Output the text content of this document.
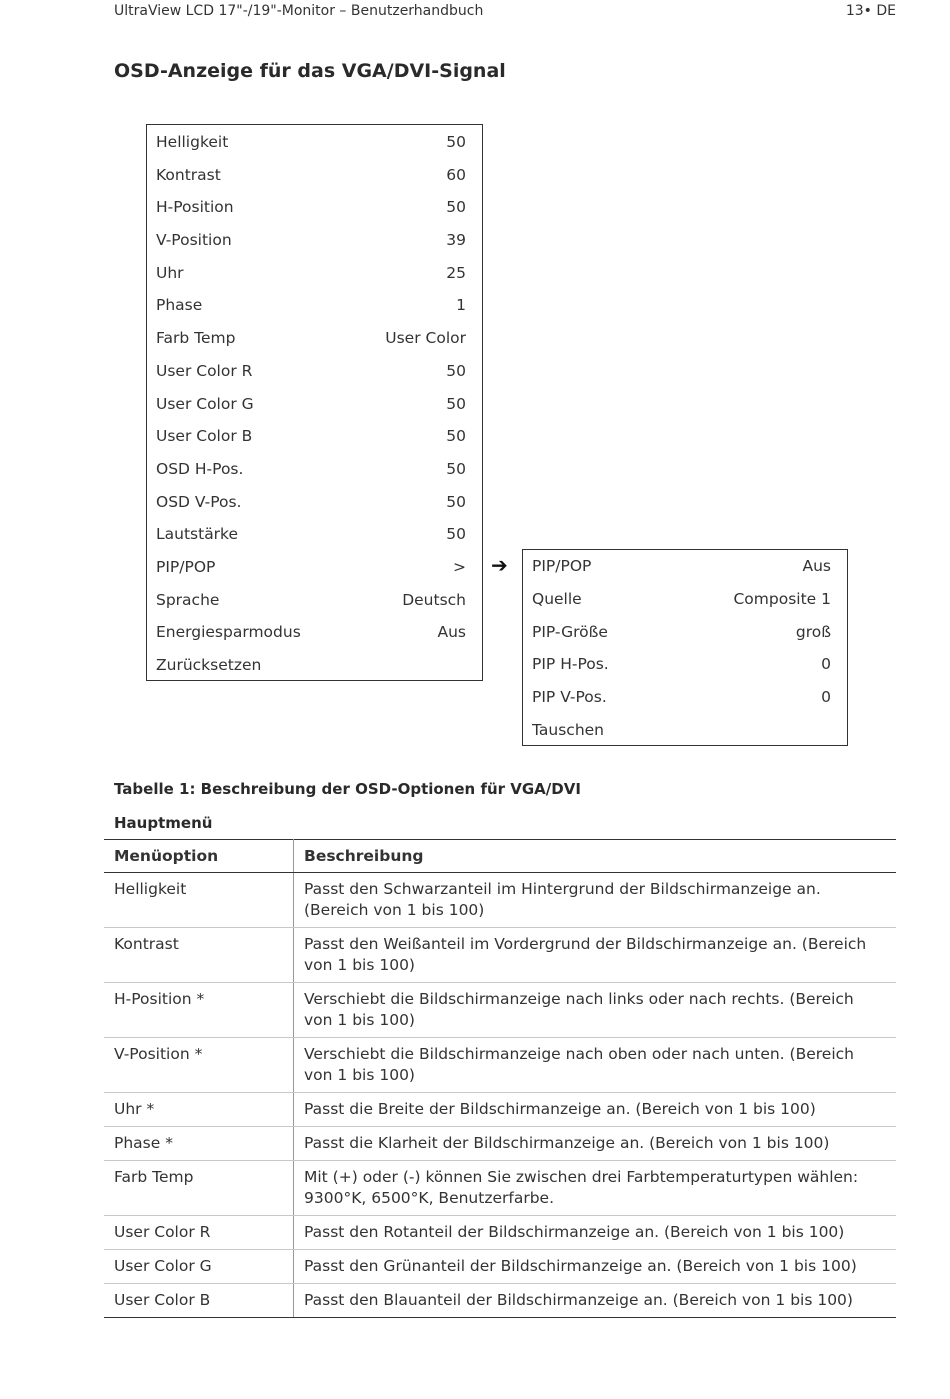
UltraView LCD 17"-/19"-Monitor – Benutzerhandbuch	13• DE
OSD-Anzeige für das VGA/DVI-Signal
Helligkeit	50
Kontrast	60
H-Position	50
V-Position	39
Uhr	25
Phase	1
Farb Temp	User Color
User Color R	50
User Color G	50
User Color B	50
OSD H-Pos.	50
OSD V-Pos.	50
Lautstärke	50
PIP/POP	>
Sprache	Deutsch
Energiesparmodus	Aus
Zurücksetzen
➔ PIP/POP	Aus
Quelle	Composite 1
PIP-Größe	groß
PIP H-Pos.	0
PIP V-Pos.	0
Tauschen
Tabelle 1: Beschreibung der OSD-Optionen für VGA/DVI
Hauptmenü
Menüoption	Beschreibung
Helligkeit	Passt den Schwarzanteil im Hintergrund der Bildschirmanzeige an. (Bereich von 1 bis 100)
Kontrast	Passt den Weißanteil im Vordergrund der Bildschirmanzeige an. (Bereich von 1 bis 100)
H-Position *	Verschiebt die Bildschirmanzeige nach links oder nach rechts. (Bereich von 1 bis 100)
V-Position *	Verschiebt die Bildschirmanzeige nach oben oder nach unten. (Bereich von 1 bis 100)
Uhr *	Passt die Breite der Bildschirmanzeige an. (Bereich von 1 bis 100)
Phase *	Passt die Klarheit der Bildschirmanzeige an. (Bereich von 1 bis 100)
Farb Temp	Mit (+) oder (-) können Sie zwischen drei Farbtemperaturtypen wählen: 9300°K, 6500°K, Benutzerfarbe.
User Color R	Passt den Rotanteil der Bildschirmanzeige an. (Bereich von 1 bis 100)
User Color G	Passt den Grünanteil der Bildschirmanzeige an. (Bereich von 1 bis 100)
User Color B	Passt den Blauanteil der Bildschirmanzeige an. (Bereich von 1 bis 100)
